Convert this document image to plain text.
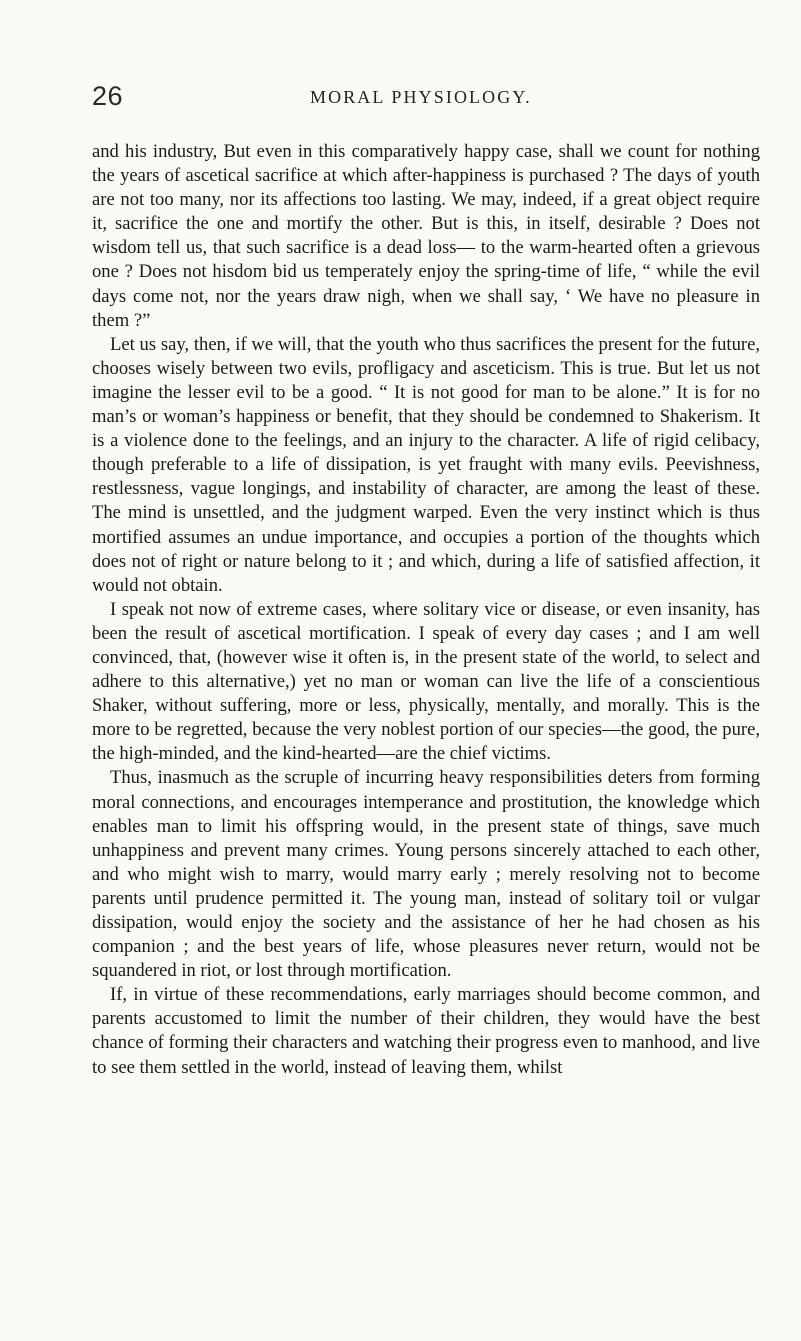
26	MORAL PHYSIOLOGY.

and his industry, But even in this comparatively happy case, shall we count for nothing the years of ascetical sacrifice at which after-happiness is purchased ? The days of youth are not too many, nor its affections too lasting. We may, indeed, if a great object require it, sacrifice the one and mortify the other. But is this, in itself, desirable ? Does not wisdom tell us, that such sacrifice is a dead loss— to the warm-hearted often a grievous one ? Does not hisdom bid us temperately enjoy the spring-time of life, “ while the evil days come not, nor the years draw nigh, when we shall say, ‘ We have no pleasure in them ?”

Let us say, then, if we will, that the youth who thus sacrifices the present for the future, chooses wisely between two evils, profligacy and asceticism. This is true. But let us not imagine the lesser evil to be a good. “ It is not good for man to be alone.” It is for no man’s or woman’s happiness or benefit, that they should be condemned to Shakerism. It is a violence done to the feelings, and an injury to the character. A life of rigid celibacy, though preferable to a life of dissipation, is yet fraught with many evils. Peevishness, restlessness, vague longings, and instability of character, are among the least of these. The mind is unsettled, and the judgment warped. Even the very instinct which is thus mortified assumes an undue importance, and occupies a portion of the thoughts which does not of right or nature belong to it ; and which, during a life of satisfied affection, it would not obtain.

I speak not now of extreme cases, where solitary vice or disease, or even insanity, has been the result of ascetical mortification. I speak of every day cases ; and I am well convinced, that, (however wise it often is, in the present state of the world, to select and adhere to this alternative,) yet no man or woman can live the life of a conscientious Shaker, without suffering, more or less, physically, mentally, and morally. This is the more to be regretted, because the very noblest portion of our species—the good, the pure, the high-minded, and the kind-hearted—are the chief victims.

Thus, inasmuch as the scruple of incurring heavy responsibilities deters from forming moral connections, and encourages intemperance and prostitution, the knowledge which enables man to limit his offspring would, in the present state of things, save much unhappiness and prevent many crimes. Young persons sincerely attached to each other, and who might wish to marry, would marry early ; merely resolving not to become parents until prudence permitted it. The young man, instead of solitary toil or vulgar dissipation, would enjoy the society and the assistance of her he had chosen as his companion ; and the best years of life, whose pleasures never return, would not be squandered in riot, or lost through mortification.

If, in virtue of these recommendations, early marriages should become common, and parents accustomed to limit the number of their children, they would have the best chance of forming their characters and watching their progress even to manhood, and live to see them settled in the world, instead of leaving them, whilst
